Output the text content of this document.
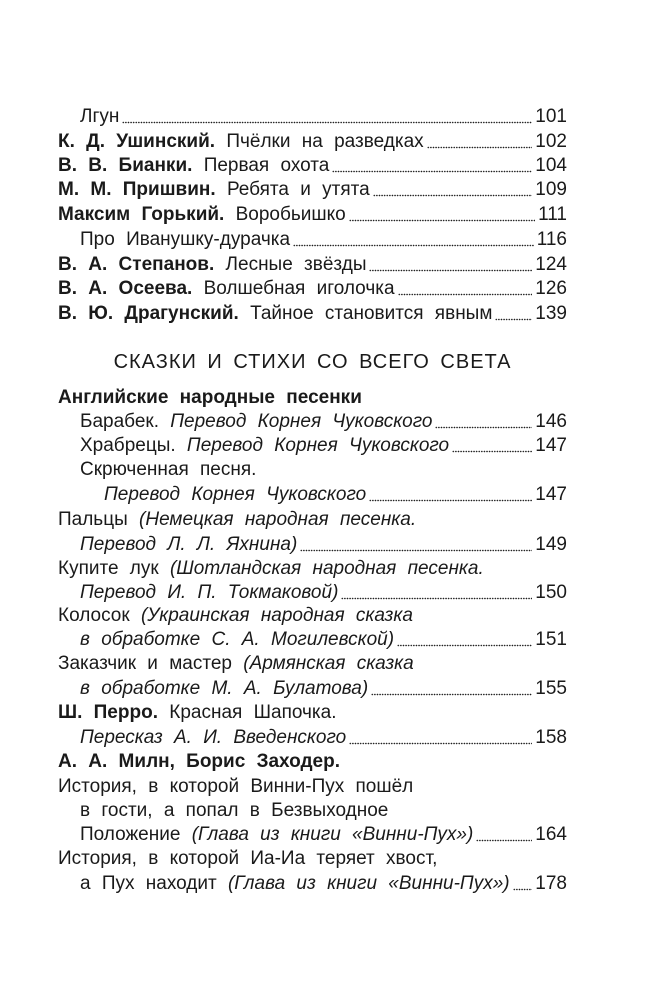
Лгун	101
К. Д. Ушинский. Пчёлки на разведках	102
В. В. Бианки. Первая охота	104
М. М. Пришвин. Ребята и утята	109
Максим Горький. Воробьишко	111
Про Иванушку-дурачка	116
В. А. Степанов. Лесные звёзды	124
В. А. Осеева. Волшебная иголочка	126
В. Ю. Драгунский. Тайное становится явным 139
СКАЗКИ И СТИХИ СО ВСЕГО СВЕТА
Английские народные песенки
Барабек. Перевод Корнея Чуковского	146
Храбрецы. Перевод Корнея Чуковского	147
Скрюченная песня.
Перевод Корнея Чуковского	147
Пальцы (Немецкая народная песенка.
Перевод Л. Л. Яхнина)	149
Купите лук (Шотландская народная песенка.
Перевод И. П. Токмаковой)	150
Колосок (Украинская народная сказка
в обработке С. А. Могилевской)	151
Заказчик и мастер (Армянская сказка
в обработке М. А. Булатова)	155
Ш. Перро. Красная Шапочка.
Пересказ А. И. Введенского	158
А. А. Милн, Борис Заходер.
История, в которой Винни-Пух пошёл
в гости, а попал в Безвыходное
Положение (Глава из книги «Винни-Пух»)	164
История, в которой Иа-Иа теряет хвост,
а Пух находит (Глава из книги «Винни-Пух») 178
